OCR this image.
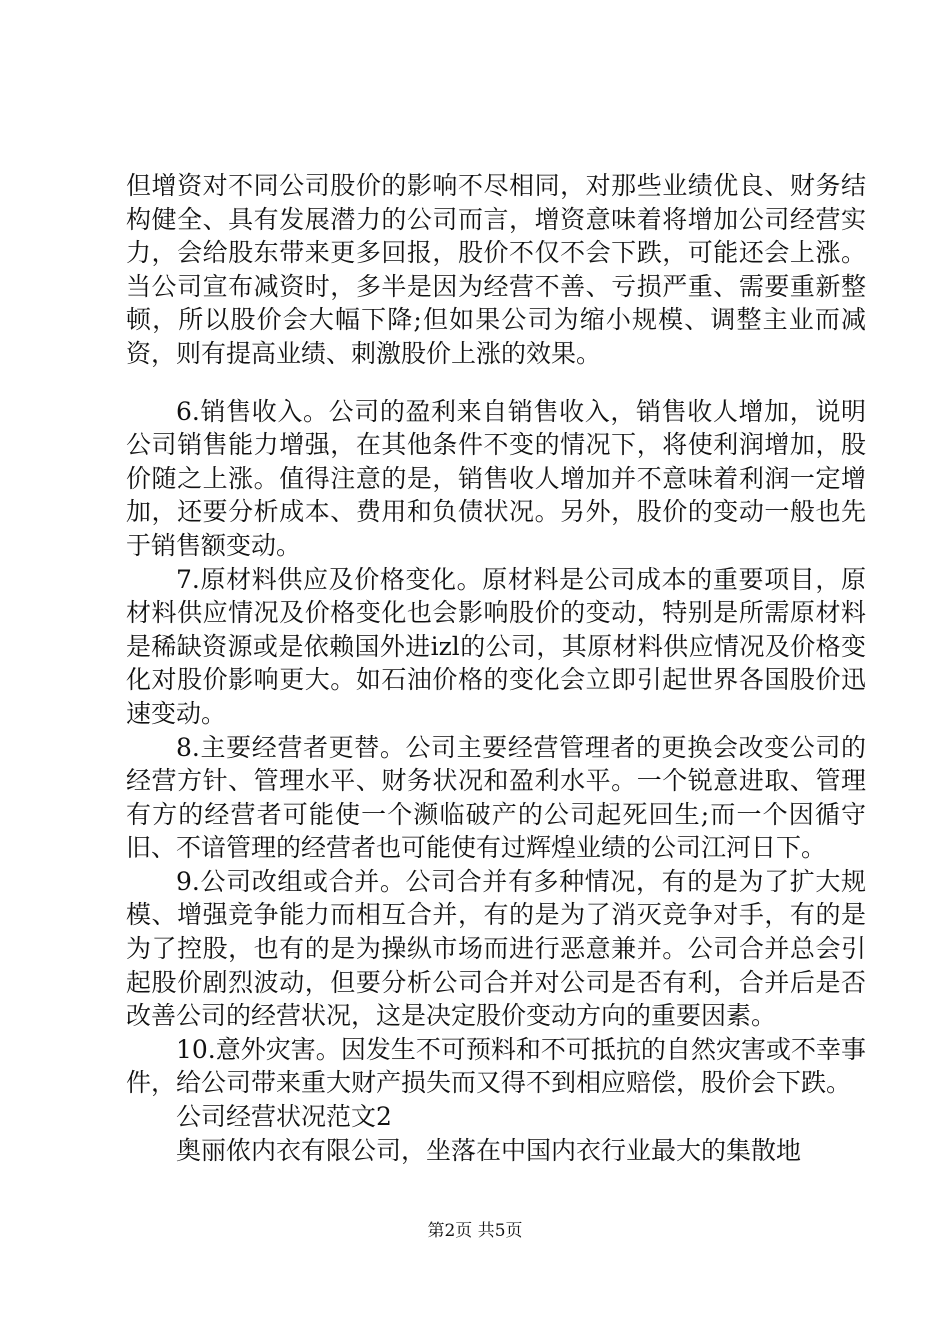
但增资对不同公司股价的影响不尽相同，对那些业绩优良、财务结构健全、具有发展潜力的公司而言，增资意味着将增加公司经营实力，会给股东带来更多回报，股价不仅不会下跌，可能还会上涨。当公司宣布减资时，多半是因为经营不善、亏损严重、需要重新整顿，所以股价会大幅下降;但如果公司为缩小规模、调整主业而减资，则有提高业绩、刺激股价上涨的效果。

6.销售收入。公司的盈利来自销售收入，销售收人增加，说明公司销售能力增强，在其他条件不变的情况下，将使利润增加，股价随之上涨。值得注意的是，销售收人增加并不意味着利润一定增加，还要分析成本、费用和负债状况。另外，股价的变动一般也先于销售额变动。

7.原材料供应及价格变化。原材料是公司成本的重要项目，原材料供应情况及价格变化也会影响股价的变动，特别是所需原材料是稀缺资源或是依赖国外进izl的公司，其原材料供应情况及价格变化对股价影响更大。如石油价格的变化会立即引起世界各国股价迅速变动。

8.主要经营者更替。公司主要经营管理者的更换会改变公司的经营方针、管理水平、财务状况和盈利水平。一个锐意进取、管理有方的经营者可能使一个濒临破产的公司起死回生;而一个因循守旧、不谙管理的经营者也可能使有过辉煌业绩的公司江河日下。

9.公司改组或合并。公司合并有多种情况，有的是为了扩大规模、增强竞争能力而相互合并，有的是为了消灭竞争对手，有的是为了控股，也有的是为操纵市场而进行恶意兼并。公司合并总会引起股价剧烈波动，但要分析公司合并对公司是否有利，合并后是否改善公司的经营状况，这是决定股价变动方向的重要因素。

10.意外灾害。因发生不可预料和不可抵抗的自然灾害或不幸事件，给公司带来重大财产损失而又得不到相应赔偿，股价会下跌。

公司经营状况范文2

奥丽侬内衣有限公司，坐落在中国内衣行业最大的集散地

第2页 共5页
